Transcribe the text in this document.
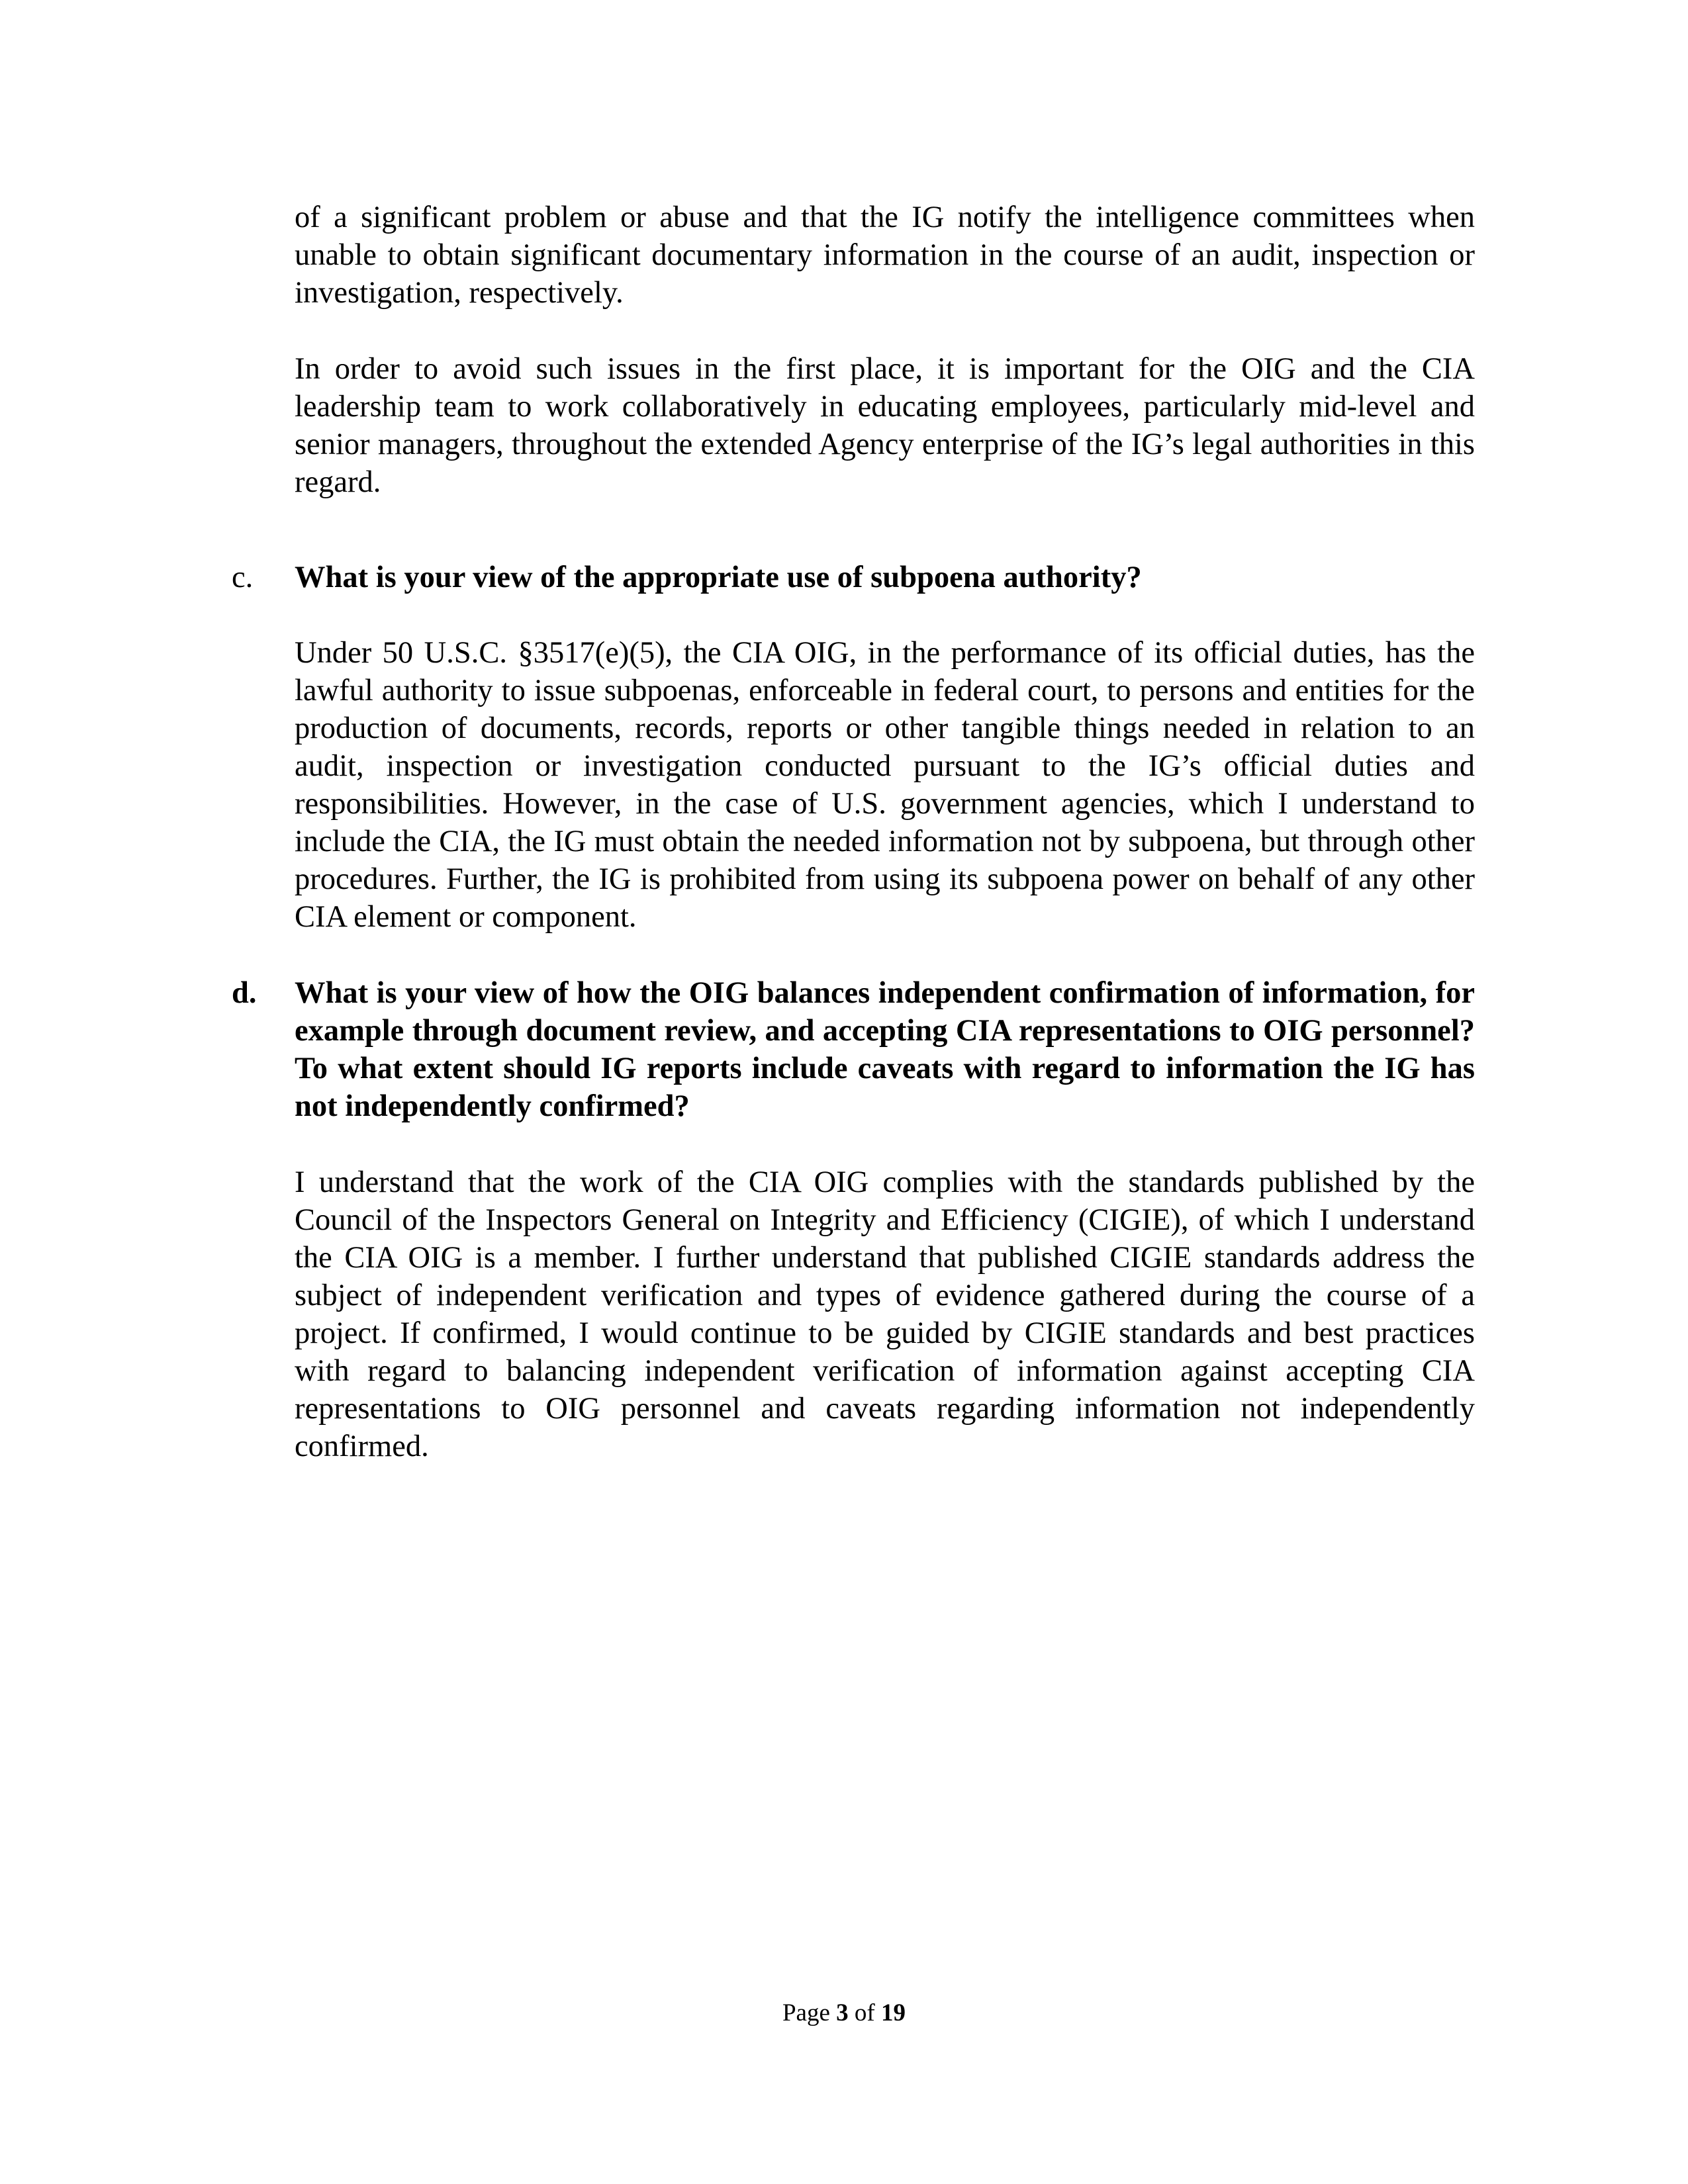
of a significant problem or abuse and that the IG notify the intelligence committees when unable to obtain significant documentary information in the course of an audit, inspection or investigation, respectively.

In order to avoid such issues in the first place, it is important for the OIG and the CIA leadership team to work collaboratively in educating employees, particularly mid-level and senior managers, throughout the extended Agency enterprise of the IG’s legal authorities in this regard.

c.	What is your view of the appropriate use of subpoena authority?

Under 50 U.S.C. §3517(e)(5), the CIA OIG, in the performance of its official duties, has the lawful authority to issue subpoenas, enforceable in federal court, to persons and entities for the production of documents, records, reports or other tangible things needed in relation to an audit, inspection or investigation conducted pursuant to the IG’s official duties and responsibilities. However, in the case of U.S. government agencies, which I understand to include the CIA, the IG must obtain the needed information not by subpoena, but through other procedures. Further, the IG is prohibited from using its subpoena power on behalf of any other CIA element or component.

d.	What is your view of how the OIG balances independent confirmation of information, for example through document review, and accepting CIA representations to OIG personnel? To what extent should IG reports include caveats with regard to information the IG has not independently confirmed?

I understand that the work of the CIA OIG complies with the standards published by the Council of the Inspectors General on Integrity and Efficiency (CIGIE), of which I understand the CIA OIG is a member. I further understand that published CIGIE standards address the subject of independent verification and types of evidence gathered during the course of a project. If confirmed, I would continue to be guided by CIGIE standards and best practices with regard to balancing independent verification of information against accepting CIA representations to OIG personnel and caveats regarding information not independently confirmed.

Page 3 of 19
